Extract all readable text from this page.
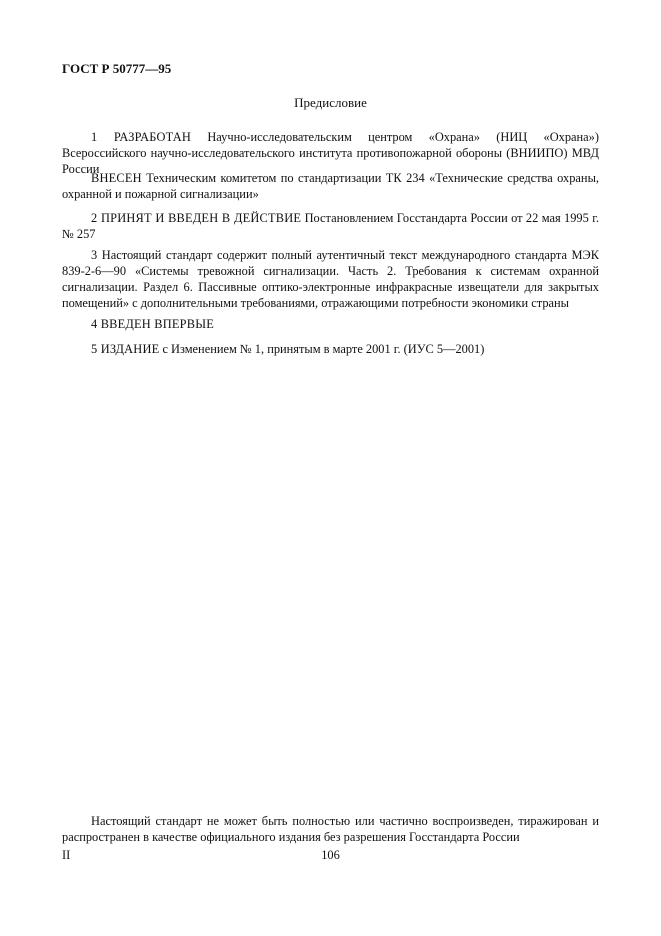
ГОСТ Р 50777—95
Предисловие
1 РАЗРАБОТАН Научно-исследовательским центром «Охрана» (НИЦ «Охрана») Всероссийского научно-исследовательского института противопожарной обороны (ВНИИПО) МВД России
ВНЕСЕН Техническим комитетом по стандартизации ТК 234 «Технические средства охраны, охранной и пожарной сигнализации»
2 ПРИНЯТ И ВВЕДЕН В ДЕЙСТВИЕ Постановлением Госстандарта России от 22 мая 1995 г. № 257
3 Настоящий стандарт содержит полный аутентичный текст международного стандарта МЭК 839-2-6—90 «Системы тревожной сигнализации. Часть 2. Требования к системам охранной сигнализации. Раздел 6. Пассивные оптико-электронные инфракрасные извещатели для закрытых помещений» с дополнительными требованиями, отражающими потребности экономики страны
4 ВВЕДЕН ВПЕРВЫЕ
5 ИЗДАНИЕ с Изменением № 1, принятым в марте 2001 г. (ИУС 5—2001)
Настоящий стандарт не может быть полностью или частично воспроизведен, тиражирован и распространен в качестве официального издания без разрешения Госстандарта России
II	106
